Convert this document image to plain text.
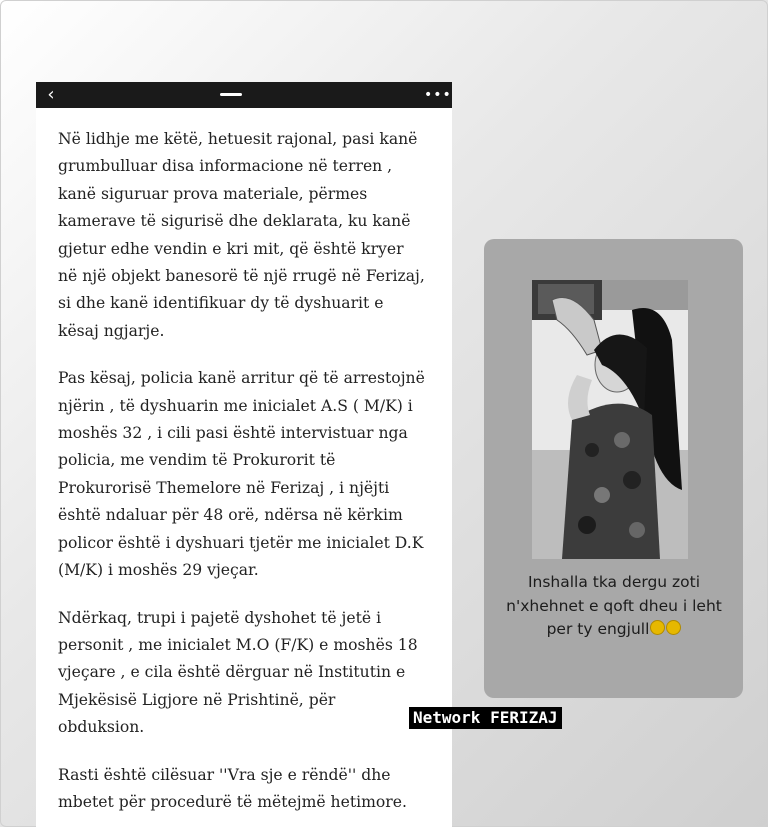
‹	•••

Në lidhje me këtë, hetuesit rajonal, pasi kanë grumbulluar disa informacione në terren , kanë siguruar prova materiale, përmes kamerave të sigurisë dhe deklarata, ku kanë gjetur edhe vendin e kri mit, që është kryer në një objekt banesorë të një rrugë në Ferizaj, si dhe kanë identifikuar dy të dyshuarit e kësaj ngjarje.

Pas kësaj, policia kanë arritur që të arrestojnë njërin , të dyshuarin me inicialet A.S ( M/K) i moshës 32 , i cili pasi është intervistuar nga policia, me vendim të Prokurorit të Prokurorisë Themelore në Ferizaj , i njëjti është ndaluar për 48 orë, ndërsa në kërkim policor është i dyshuari tjetër me inicialet D.K (M/K) i moshës 29 vjeçar.

Ndërkaq, trupi i pajetë dyshohet të jetë i personit , me inicialet M.O (F/K) e moshës 18 vjeçare , e cila është dërguar në Institutin e Mjekësisë Ligjore në Prishtinë, për obduksion.

Rasti është cilësuar ''Vra sje e rëndë'' dhe mbetet për procedurë të mëtejmë hetimore.

Inshalla tka dergu zoti n'xhehnet e qoft dheu i leht per ty engjull
Network FERIZAJ
